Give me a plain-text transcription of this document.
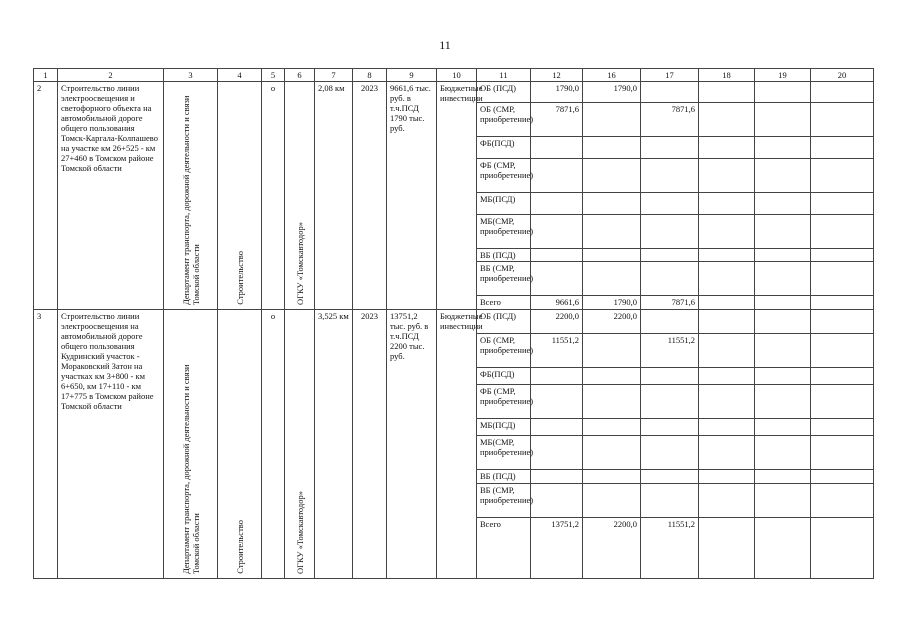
11
1	2	3	4	5	6	7	8	9	10	11	12	16	17	18	19	20
2	Строительство линии электроосвещения и светофорного объекта на автомобильной дороге общего пользования Томск-Каргала-Колпашево на участке км 26+525 - км 27+460 в Томском районе Томской области	Департамент транспорта, дорожной деятельности и связи Томской области	Строительство	о	ОГКУ «Томскавтодор»	2,08 км	2023	9661,6 тыс. руб. в т.ч.ПСД 1790 тыс. руб.	Бюджетные инвестиции	ОБ (ПСД)	1790,0	1790,0				
										ОБ (СМР, приобретение)	7871,6		7871,6			
										ФБ(ПСД)						
										ФБ (СМР, приобретение)						
										МБ(ПСД)						
										МБ(СМР, приобретение)						
										ВБ (ПСД)						
										ВБ (СМР, приобретение)						
										Всего	9661,6	1790,0	7871,6			
3	Строительство линии электроосвещения на автомобильной дороге общего пользования Кудринский участок - Мораковский Затон на участках км 3+800 - км 6+650, км 17+110 - км 17+775 в Томском районе Томской области	Департамент транспорта, дорожной деятельности и связи Томской области	Строительство	о	ОГКУ «Томскавтодор»	3,525 км	2023	13751,2 тыс. руб. в т.ч.ПСД 2200 тыс. руб.	Бюджетные инвестиции	ОБ (ПСД)	2200,0	2200,0				
										ОБ (СМР, приобретение)	11551,2		11551,2			
										ФБ(ПСД)						
										ФБ (СМР, приобретение)						
										МБ(ПСД)						
										МБ(СМР, приобретение)						
										ВБ (ПСД)						
										ВБ (СМР, приобретение)						
										Всего	13751,2	2200,0	11551,2			
